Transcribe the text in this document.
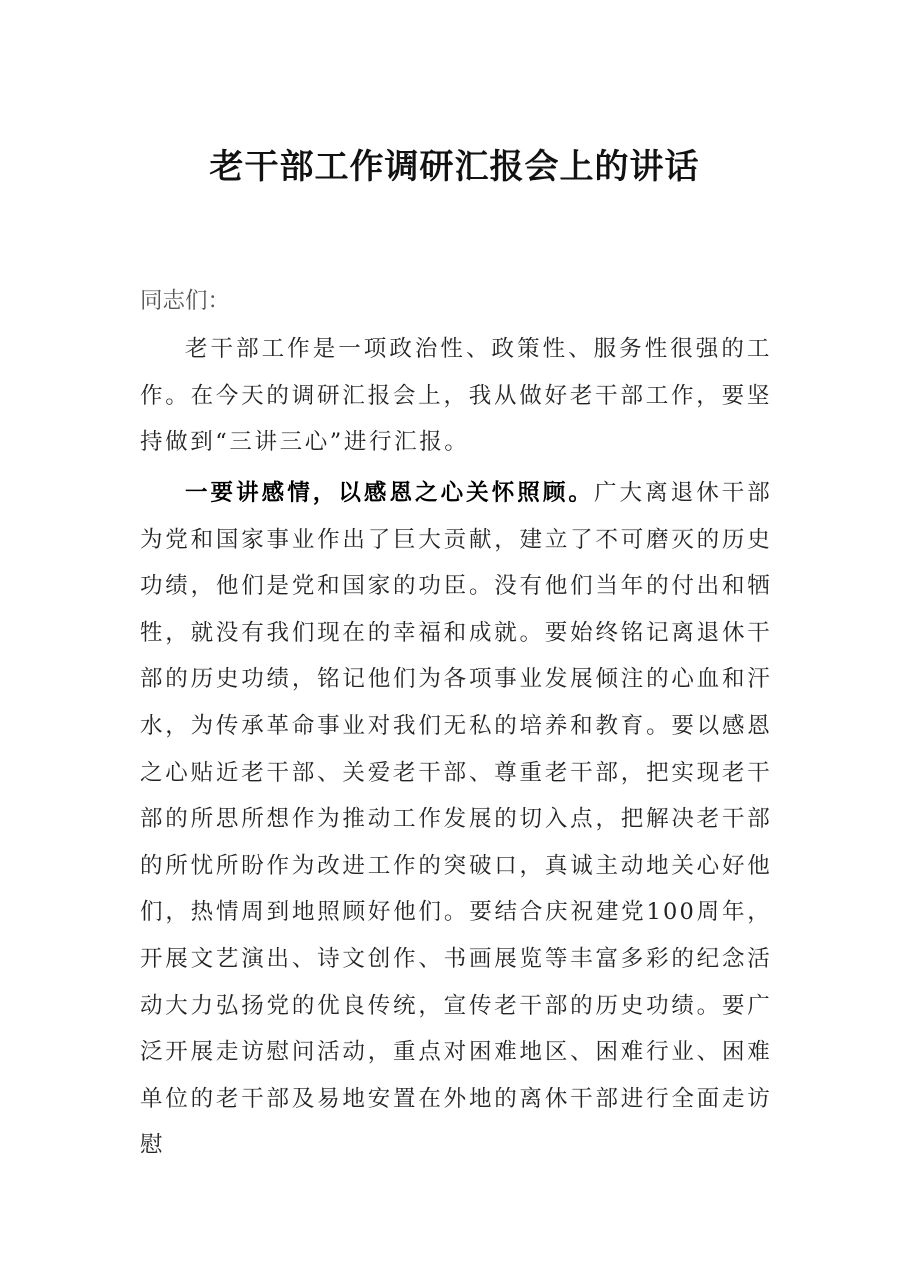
老干部工作调研汇报会上的讲话
同志们：

老干部工作是一项政治性、政策性、服务性很强的工作。在今天的调研汇报会上，我从做好老干部工作，要坚持做到“三讲三心”进行汇报。

一要讲感情，以感恩之心关怀照顾。广大离退休干部为党和国家事业作出了巨大贡献，建立了不可磨灭的历史功绩，他们是党和国家的功臣。没有他们当年的付出和牺牲，就没有我们现在的幸福和成就。要始终铭记离退休干部的历史功绩，铭记他们为各项事业发展倾注的心血和汗水，为传承革命事业对我们无私的培养和教育。要以感恩之心贴近老干部、关爱老干部、尊重老干部，把实现老干部的所思所想作为推动工作发展的切入点，把解决老干部的所忧所盼作为改进工作的突破口，真诚主动地关心好他们，热情周到地照顾好他们。要结合庆祝建党100周年，开展文艺演出、诗文创作、书画展览等丰富多彩的纪念活动大力弘扬党的优良传统，宣传老干部的历史功绩。要广泛开展走访慰问活动，重点对困难地区、困难行业、困难单位的老干部及易地安置在外地的离休干部进行全面走访慰
